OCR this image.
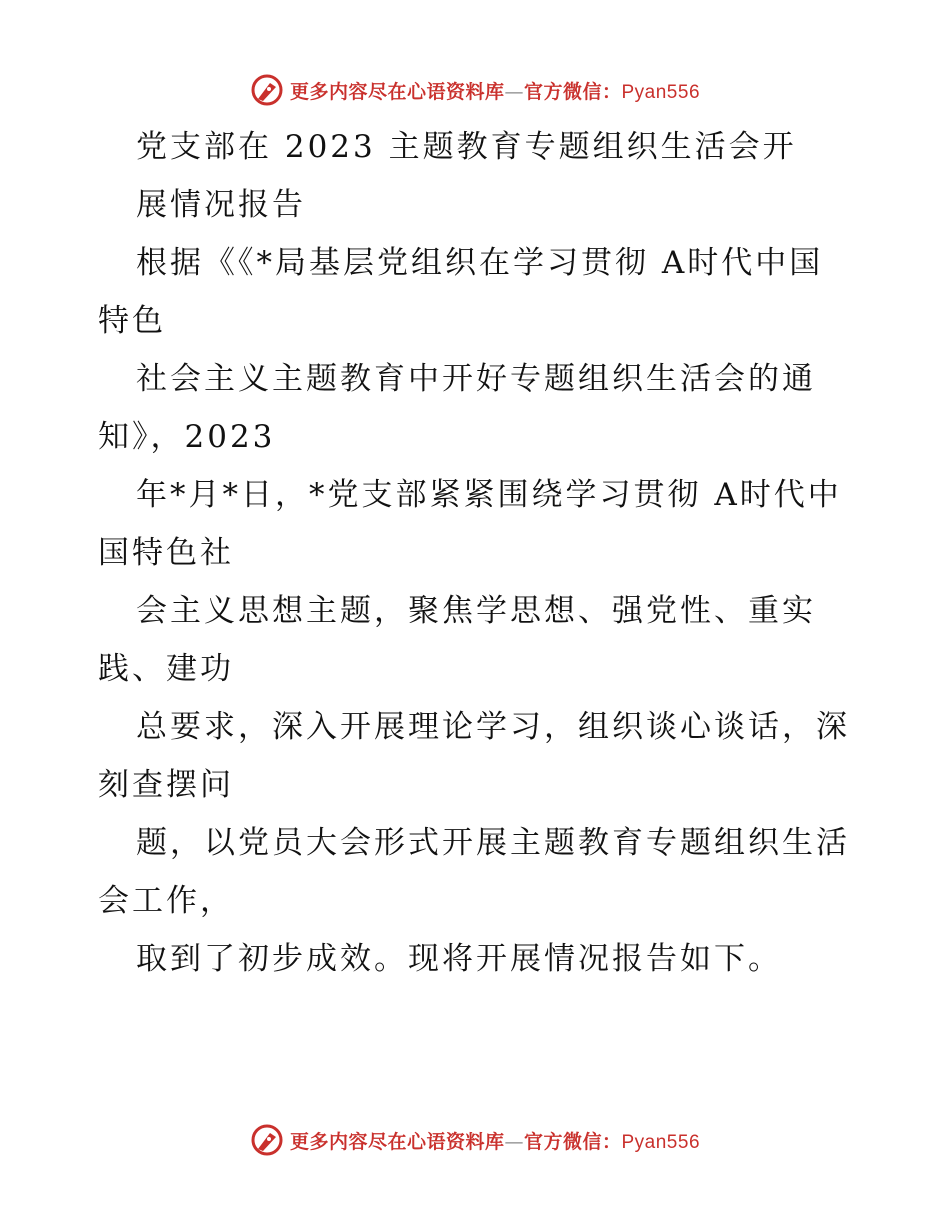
更多内容尽在心语资料库—官方微信：Pyan556
党支部在 2023 主题教育专题组织生活会开
展情况报告
根据《《*局基层党组织在学习贯彻 A时代中国
特色
社会主义主题教育中开好专题组织生活会的通
知》，2023
年*月*日，*党支部紧紧围绕学习贯彻 A时代中
国特色社
会主义思想主题，聚焦学思想、强党性、重实
践、建功
总要求，深入开展理论学习，组织谈心谈话，深
刻查摆问
题，以党员大会形式开展主题教育专题组织生活
会工作，
取到了初步成效。现将开展情况报告如下。
更多内容尽在心语资料库—官方微信：Pyan556
